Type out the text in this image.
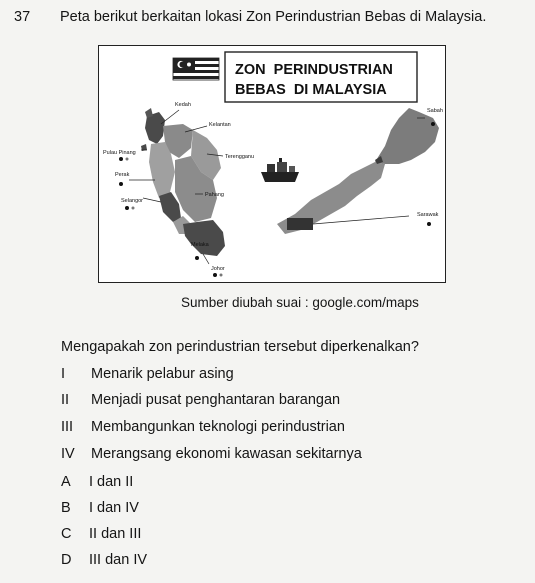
37 Peta berikut berkaitan lokasi Zon Perindustrian Bebas di Malaysia.
ZON  PERINDUSTRIAN
BEBAS  DI MALAYSIA
Kedah
Kelantan
Pulau Pinang
Terengganu
Perak
Pahang
Selangor
Melaka
Johor
Sabah
Sarawak
Sumber diubah suai : google.com/maps
Mengapakah zon perindustrian tersebut diperkenalkan?
I Menarik pelabur asing
II Menjadi pusat penghantaran barangan
III Membangunkan teknologi perindustrian
IV Merangsang ekonomi kawasan sekitarnya
A I dan II
B I dan IV
C II dan III
D III dan IV
